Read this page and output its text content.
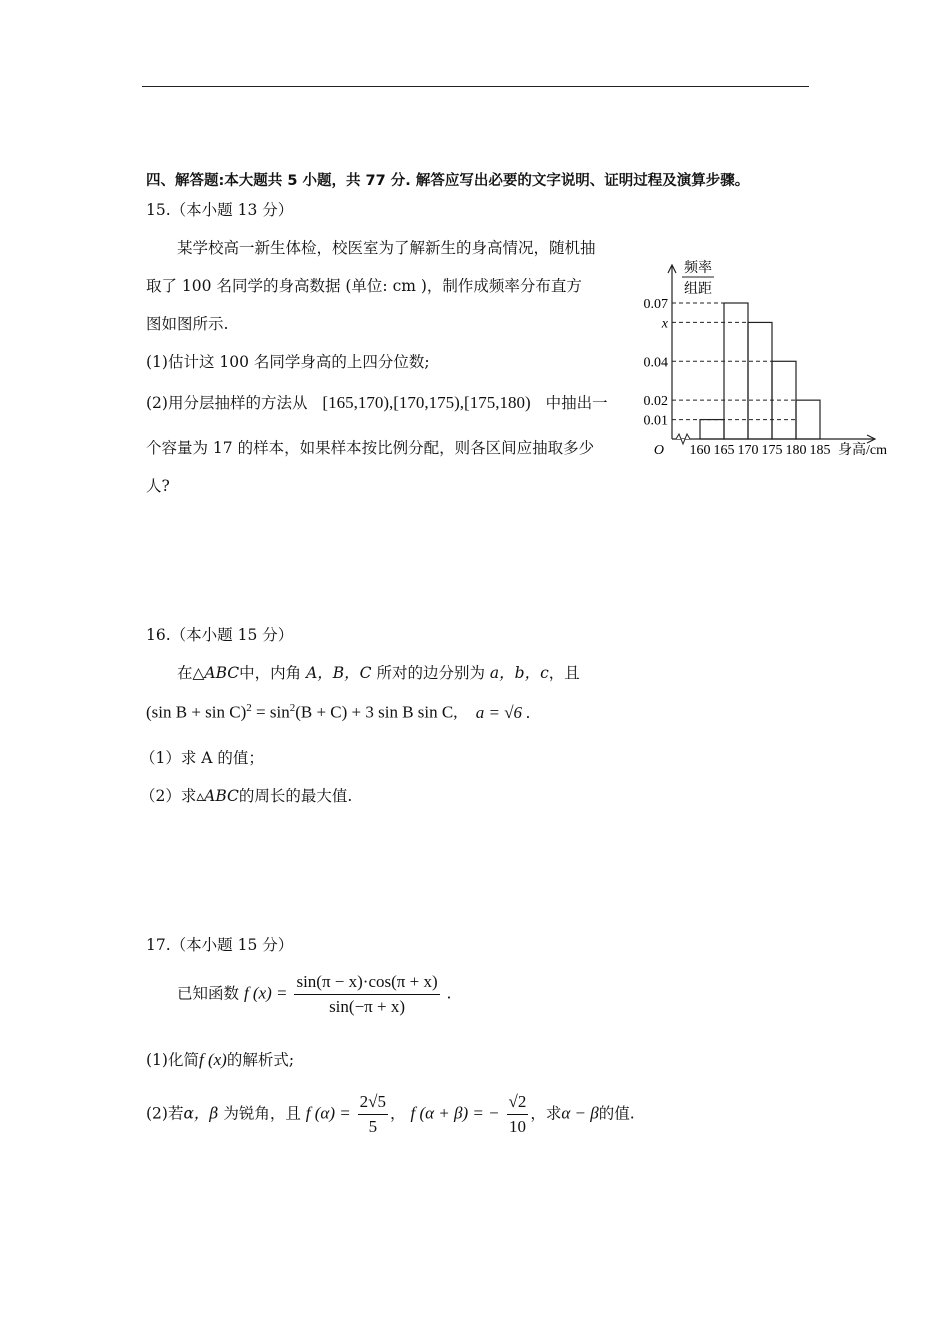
四、解答题:本大题共 5 小题，共 77 分. 解答应写出必要的文字说明、证明过程及演算步骤。
15.（本小题 13 分）
某学校高一新生体检，校医室为了解新生的身高情况，随机抽
取了 100 名同学的身高数据 (单位: cm )，制作成频率分布直方
图如图所示.
(1)估计这 100 名同学身高的上四分位数;
(2)用分层抽样的方法从 [165,170),[170,175),[175,180) 中抽出一
个容量为 17 的样本，如果样本按比例分配，则各区间应抽取多少
人?
0.07
x
0.04
0.02
0.01
频率
组距
O 160 165 170 175 180 185 身高/cm
16.（本小题 15 分）
在△ABC中，内角 A，B，C 所对的边分别为 a，b，c，且
(sin $B + \sin C)^2 = \sin^2(B + C) + 3$ sin B sin C, a = √6 .
（1）求 A 的值；
（2）求▵ABC的周长的最大值.
17.（本小题 15 分）
已知函数 f $(x) = \frac{\sin(\pi - x)\cdot\cos(\pi + x)}{\sin(-\pi + x)}$ .
(1)化简f (x)的解析式;
(2)若α，β 为锐角，且 f $(\alpha) = \frac{2√5}{5}$ ， f (α + β) = − $\frac{√2}{10}$ ，求α − β的值.
